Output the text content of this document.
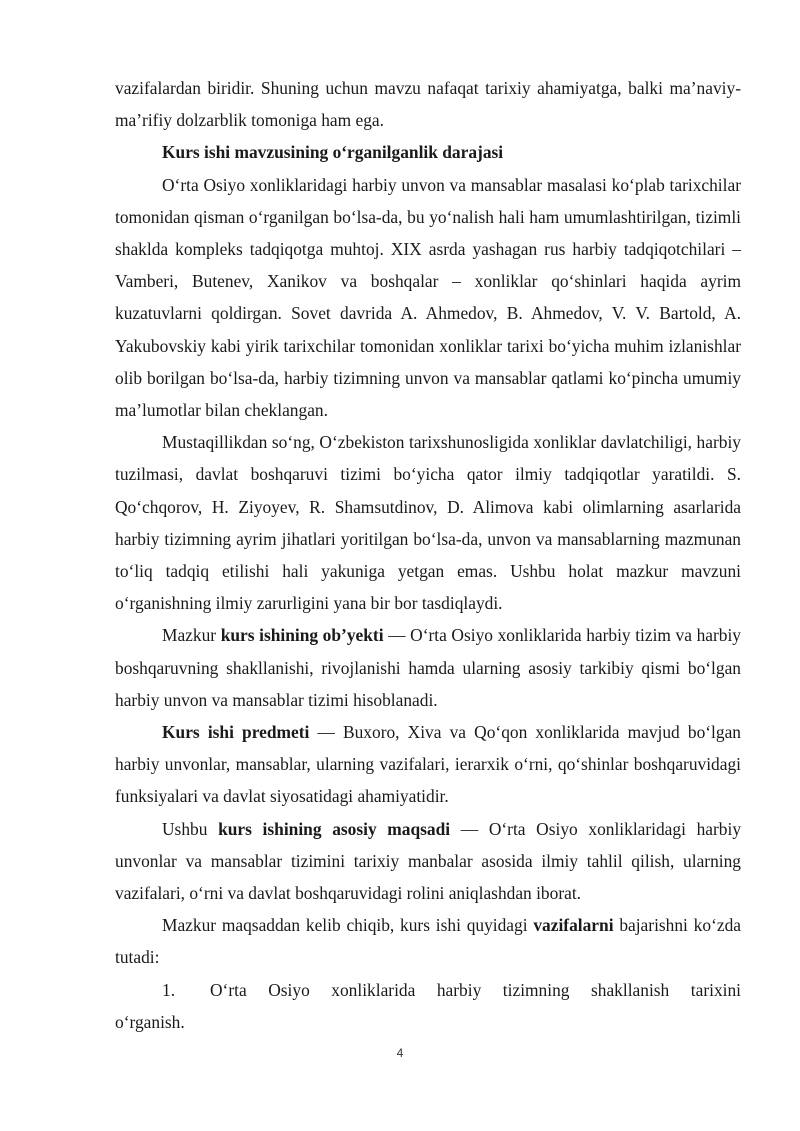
vazifalardan biridir. Shuning uchun mavzu nafaqat tarixiy ahamiyatga, balki ma’naviy-ma’rifiy dolzarblik tomoniga ham ega.

Kurs ishi mavzusining o‘rganilganlik darajasi

O‘rta Osiyo xonliklaridagi harbiy unvon va mansablar masalasi ko‘plab tarixchilar tomonidan qisman o‘rganilgan bo‘lsa-da, bu yo‘nalish hali ham umumlashtirilgan, tizimli shaklda kompleks tadqiqotga muhtoj. XIX asrda yashagan rus harbiy tadqiqotchilari – Vamberi, Butenev, Xanikov va boshqalar – xonliklar qo‘shinlari haqida ayrim kuzatuvlarni qoldirgan. Sovet davrida A. Ahmedov, B. Ahmedov, V. V. Bartold, A. Yakubovskiy kabi yirik tarixchilar tomonidan xonliklar tarixi bo‘yicha muhim izlanishlar olib borilgan bo‘lsa-da, harbiy tizimning unvon va mansablar qatlami ko‘pincha umumiy ma’lumotlar bilan cheklangan.

Mustaqillikdan so‘ng, O‘zbekiston tarixshunosligida xonliklar davlatchiligi, harbiy tuzilmasi, davlat boshqaruvi tizimi bo‘yicha qator ilmiy tadqiqotlar yaratildi. S. Qo‘chqorov, H. Ziyoyev, R. Shamsutdinov, D. Alimova kabi olimlarning asarlarida harbiy tizimning ayrim jihatlari yoritilgan bo‘lsa-da, unvon va mansablarning mazmunan to‘liq tadqiq etilishi hali yakuniga yetgan emas. Ushbu holat mazkur mavzuni o‘rganishning ilmiy zarurligini yana bir bor tasdiqlaydi.

Mazkur kurs ishining ob’yekti — O‘rta Osiyo xonliklarida harbiy tizim va harbiy boshqaruvning shakllanishi, rivojlanishi hamda ularning asosiy tarkibiy qismi bo‘lgan harbiy unvon va mansablar tizimi hisoblanadi.

Kurs ishi predmeti — Buxoro, Xiva va Qo‘qon xonliklarida mavjud bo‘lgan harbiy unvonlar, mansablar, ularning vazifalari, ierarxik o‘rni, qo‘shinlar boshqaruvidagi funksiyalari va davlat siyosatidagi ahamiyatidir.

Ushbu kurs ishining asosiy maqsadi — O‘rta Osiyo xonliklaridagi harbiy unvonlar va mansablar tizimini tarixiy manbalar asosida ilmiy tahlil qilish, ularning vazifalari, o‘rni va davlat boshqaruvidagi rolini aniqlashdan iborat.

Mazkur maqsaddan kelib chiqib, kurs ishi quyidagi vazifalarni bajarishni ko‘zda tutadi:

1. O‘rta Osiyo xonliklarida harbiy tizimning shakllanish tarixini

o‘rganish.

4
